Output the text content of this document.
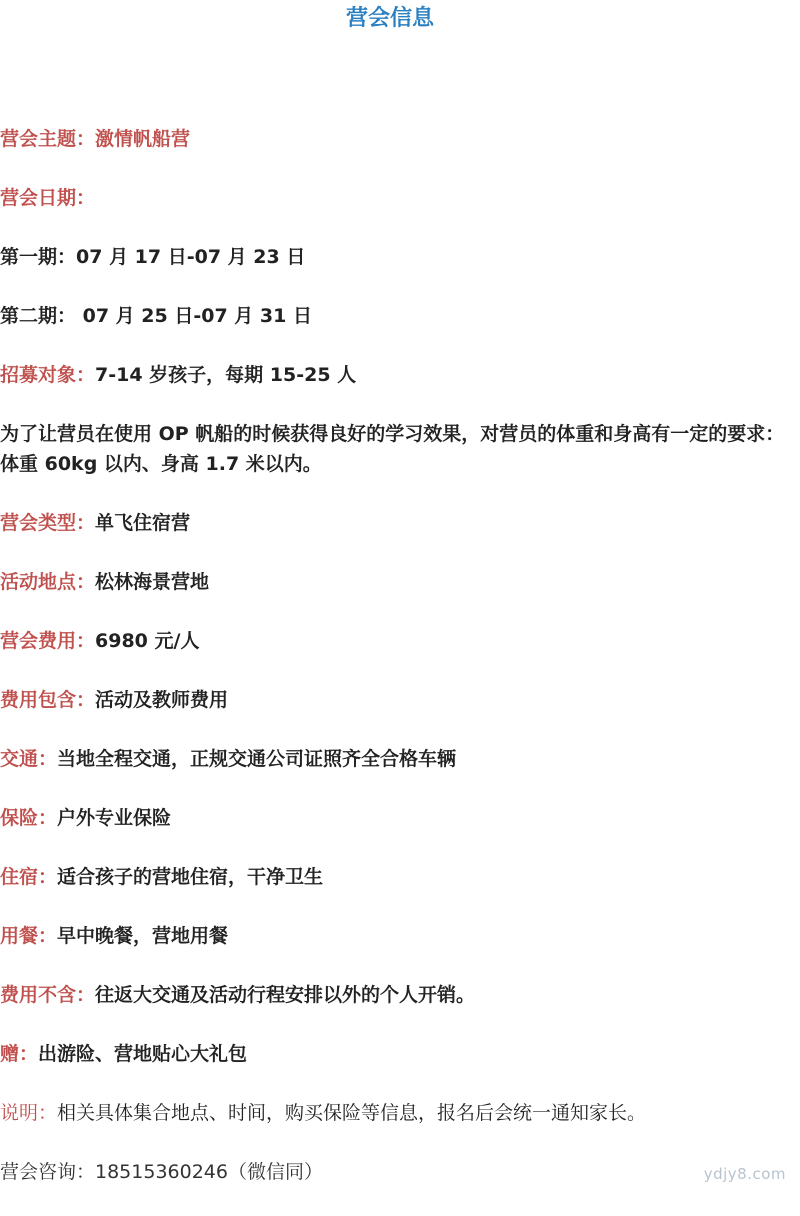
营会信息
营会主题：激情帆船营
营会日期：
第一期：07 月 17 日-07 月 23 日
第二期： 07 月 25 日-07 月 31 日
招募对象：7-14 岁孩子，每期 15-25 人
为了让营员在使用 OP 帆船的时候获得良好的学习效果，对营员的体重和身高有一定的要求：体重 60kg 以内、身高 1.7 米以内。
营会类型：单飞住宿营
活动地点：松林海景营地
营会费用：6980 元/人
费用包含：活动及教师费用
交通：当地全程交通，正规交通公司证照齐全合格车辆
保险：户外专业保险
住宿：适合孩子的营地住宿，干净卫生
用餐：早中晚餐，营地用餐
费用不含：往返大交通及活动行程安排以外的个人开销。
赠：出游险、营地贴心大礼包
说明：相关具体集合地点、时间，购买保险等信息，报名后会统一通知家长。
营会咨询：18515360246（微信同）	ydjy8.com
